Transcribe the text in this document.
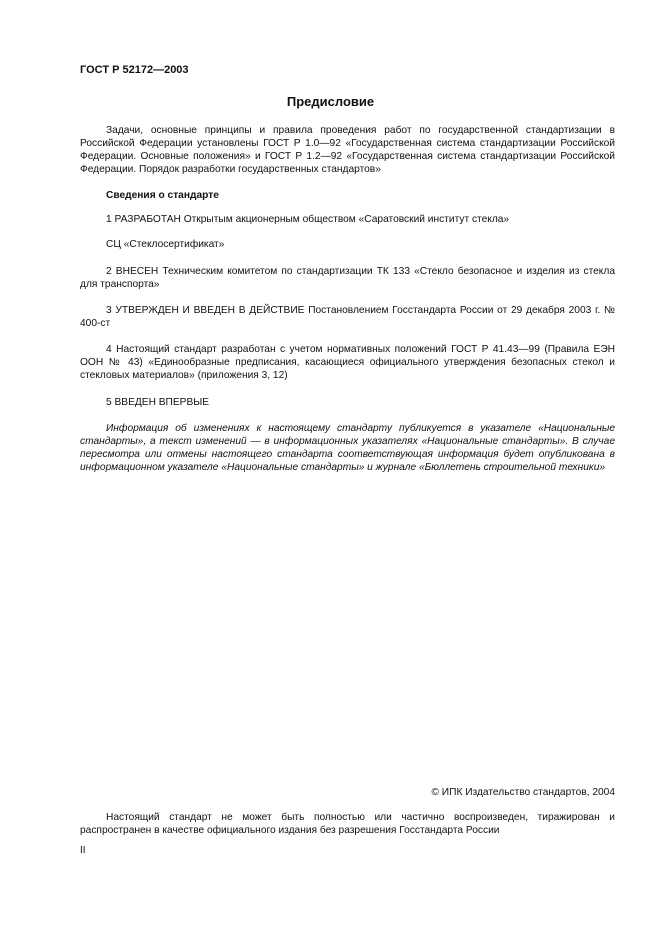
ГОСТ Р 52172—2003
Предисловие
Задачи, основные принципы и правила проведения работ по государственной стандартизации в Российской Федерации установлены ГОСТ Р 1.0—92 «Государственная система стандартизации Российской Федерации. Основные положения» и ГОСТ Р 1.2—92 «Государственная система стандартизации Российской Федерации. Порядок разработки государственных стандартов»
Сведения о стандарте
1 РАЗРАБОТАН Открытым акционерным обществом «Саратовский институт стекла»
СЦ «Стеклосертификат»
2 ВНЕСЕН Техническим комитетом по стандартизации ТК 133 «Стекло безопасное и изделия из стекла для транспорта»
3 УТВЕРЖДЕН И ВВЕДЕН В ДЕЙСТВИЕ Постановлением Госстандарта России от 29 декабря 2003 г. № 400-ст
4 Настоящий стандарт разработан с учетом нормативных положений ГОСТ Р 41.43—99 (Правила ЕЭН ООН № 43) «Единообразные предписания, касающиеся официального утверждения безопасных стекол и стекловых материалов» (приложения 3, 12)
5 ВВЕДЕН ВПЕРВЫЕ
Информация об изменениях к настоящему стандарту публикуется в указателе «Национальные стандарты», а текст изменений — в информационных указателях «Национальные стандарты». В случае пересмотра или отмены настоящего стандарта соответствующая информация будет опубликована в информационном указателе «Национальные стандарты» и журнале «Бюллетень строительной техники»
© ИПК Издательство стандартов, 2004
Настоящий стандарт не может быть полностью или частично воспроизведен, тиражирован и распространен в качестве официального издания без разрешения Госстандарта России
II
